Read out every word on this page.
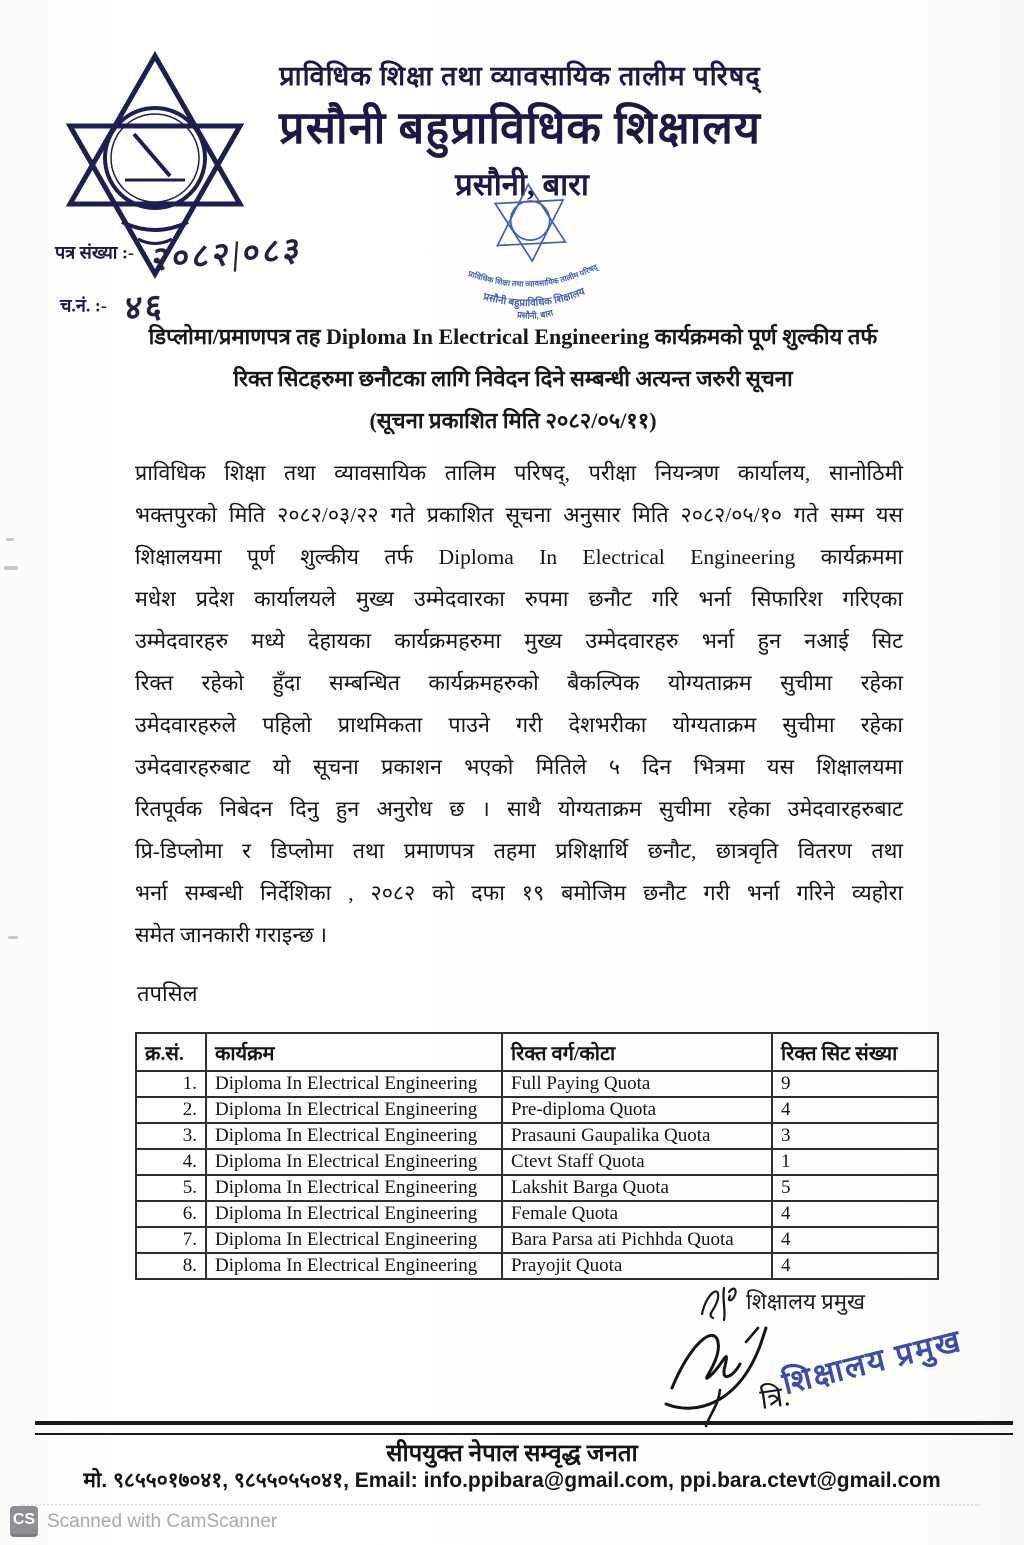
प्राविधिक शिक्षा तथा व्यावसायिक तालीम परिषद्
प्रसौनी बहुप्राविधिक शिक्षालय
प्रसौनी, बारा
प्राविधिक शिक्षा तथा व्यावसायिक तालीम परिषद्
प्रसौनी बहुप्राविधिक शिक्षालय
प्रसौनी, बारा
पत्र संख्या :- २०८२|०८३
च.नं. :- ४६
डिप्लोमा/प्रमाणपत्र तह Diploma In Electrical Engineering कार्यक्रमको पूर्ण शुल्कीय तर्फ
रिक्त सिटहरुमा छनौटका लागि निवेदन दिने सम्बन्धी अत्यन्त जरुरी सूचना
(सूचना प्रकाशित मिति २०८२/०५/११)
प्राविधिक शिक्षा तथा व्यावसायिक तालिम परिषद्, परीक्षा नियन्त्रण कार्यालय, सानोठिमी
भक्तपुरको मिति २०८२/०३/२२ गते प्रकाशित सूचना अनुसार मिति २०८२/०५/१० गते सम्म यस
शिक्षालयमा पूर्ण शुल्कीय तर्फ Diploma In Electrical Engineering कार्यक्रममा
मधेश प्रदेश कार्यालयले मुख्य उम्मेदवारका रुपमा छनौट गरि भर्ना सिफारिश गरिएका
उम्मेदवारहरु मध्ये देहायका कार्यक्रमहरुमा मुख्य उम्मेदवारहरु भर्ना हुन नआई सिट
रिक्त रहेको हुँदा सम्बन्धित कार्यक्रमहरुको बैकल्पिक योग्यताक्रम सुचीमा रहेका
उमेदवारहरुले पहिलो प्राथमिकता पाउने गरी देशभरीका योग्यताक्रम सुचीमा रहेका
उमेदवारहरुबाट यो सूचना प्रकाशन भएको मितिले ५ दिन भित्रमा यस शिक्षालयमा
रितपूर्वक निबेदन दिनु हुन अनुरोध छ । साथै योग्यताक्रम सुचीमा रहेका उमेदवारहरुबाट
प्रि-डिप्लोमा र डिप्लोमा तथा प्रमाणपत्र तहमा प्रशिक्षार्थि छनौट, छात्रवृति वितरण तथा
भर्ना सम्बन्धी निर्देशिका , २०८२ को दफा १९ बमोजिम छनौट गरी भर्ना गरिने व्यहोरा
समेत जानकारी गराइन्छ ।
तपसिल
क्र.सं.	कार्यक्रम	रिक्त वर्ग/कोटा	रिक्त सिट संख्या
1.	Diploma In Electrical Engineering	Full Paying Quota	9
2.	Diploma In Electrical Engineering	Pre-diploma Quota	4
3.	Diploma In Electrical Engineering	Prasauni Gaupalika Quota	3
4.	Diploma In Electrical Engineering	Ctevt Staff Quota	1
5.	Diploma In Electrical Engineering	Lakshit Barga Quota	5
6.	Diploma In Electrical Engineering	Female Quota	4
7.	Diploma In Electrical Engineering	Bara Parsa ati Pichhda Quota	4
8.	Diploma In Electrical Engineering	Prayojit Quota	4
शिक्षालय प्रमुख
त्रि.
शिक्षालय प्रमुख
सीपयुक्त नेपाल सम्वृद्ध जनता
मो. ९८५५०१७०४१, ९८५५०५५०४१, Email: info.ppibara@gmail.com, ppi.bara.ctevt@gmail.com
CS Scanned with CamScanner
